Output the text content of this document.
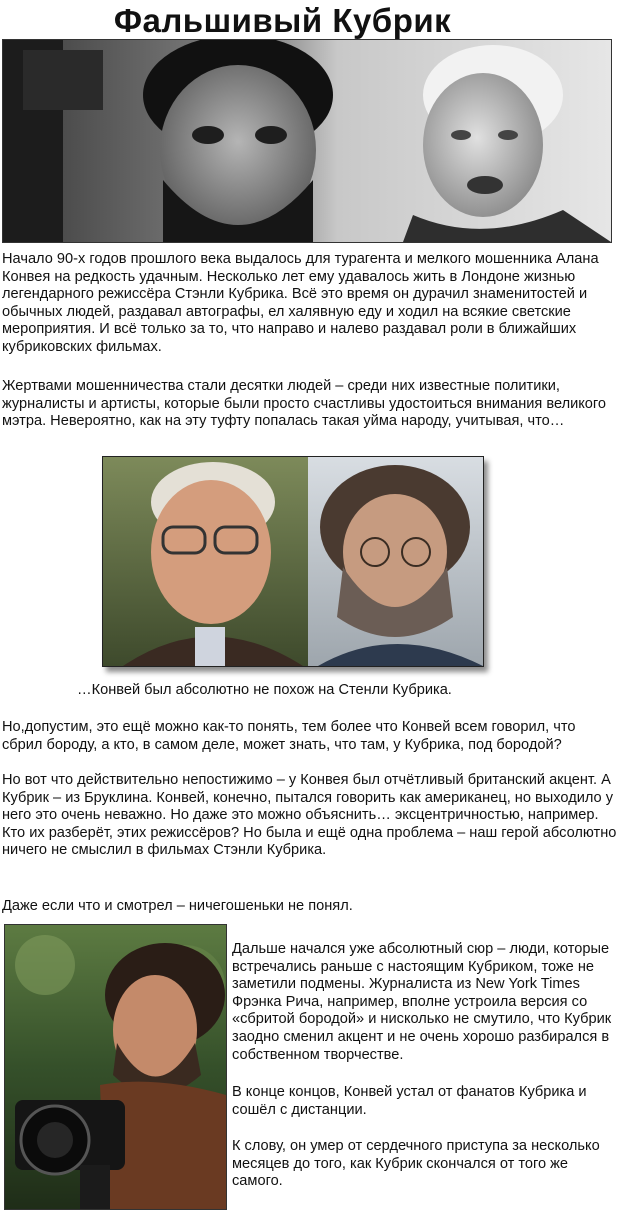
Фальшивый Кубрик

Начало 90-х годов прошлого века выдалось для турагента и мелкого мошенника Алана Конвея на редкость удачным. Несколько лет ему удавалось жить в Лондоне жизнью легендарного режиссёра Стэнли Кубрика. Всё это время он дурачил знаменитостей и обычных людей, раздавал автографы, ел халявную еду и ходил на всякие светские мероприятия. И всё только за то, что направо и налево раздавал роли в ближайших кубриковских фильмах.

Жертвами мошенничества стали десятки людей – среди них известные политики, журналисты и артисты, которые были просто счастливы удостоиться внимания великого мэтра. Невероятно, как на эту туфту попалась такая уйма народу, учитывая, что…

…Конвей был абсолютно не похож на Стенли Кубрика.

Но,допустим, это ещё можно как-то понять, тем более что Конвей всем говорил, что сбрил бороду, а кто, в самом деле, может знать, что там, у Кубрика, под бородой?

Но вот что действительно непостижимо – у Конвея был отчётливый британский акцент. А Кубрик – из Бруклина. Конвей, конечно, пытался говорить как американец, но выходило у него это очень неважно. Но даже это можно объяснить… эксцентричностью, например. Кто их разберёт, этих режиссёров? Но была и ещё одна проблема – наш герой абсолютно ничего не смыслил в фильмах Стэнли Кубрика.

Даже если что и смотрел – ничегошеньки не понял.

Дальше начался уже абсолютный сюр – люди, которые встречались раньше с настоящим Кубриком, тоже не заметили подмены. Журналиста из New York Times Фрэнка Рича, например, вполне устроила версия со «сбритой бородой» и нисколько не смутило, что Кубрик заодно сменил акцент и не очень хорошо разбирался в собственном творчестве.

В конце концов, Конвей устал от фанатов Кубрика и сошёл с дистанции.

К слову, он умер от сердечного приступа за несколько месяцев до того, как Кубрик скончался от того же самого.
